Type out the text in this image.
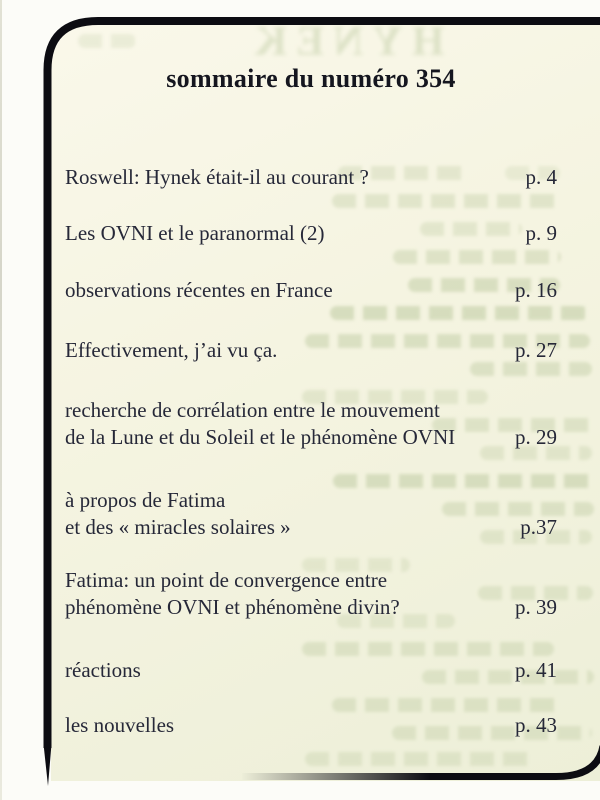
HYNEK
sommaire du numéro 354
Roswell: Hynek était-il au courant ?	p. 4
Les OVNI et le paranormal (2)	p. 9
observations récentes en France	p. 16
Effectivement, j’ai vu ça.	p. 27
recherche de corrélation entre le mouvement
de la Lune et du Soleil et le phénomène OVNI	p. 29
à propos de Fatima
et des « miracles solaires »	p.37
Fatima: un point de convergence entre
phénomène OVNI et phénomène divin?	p. 39
réactions	p. 41
les nouvelles	p. 43
